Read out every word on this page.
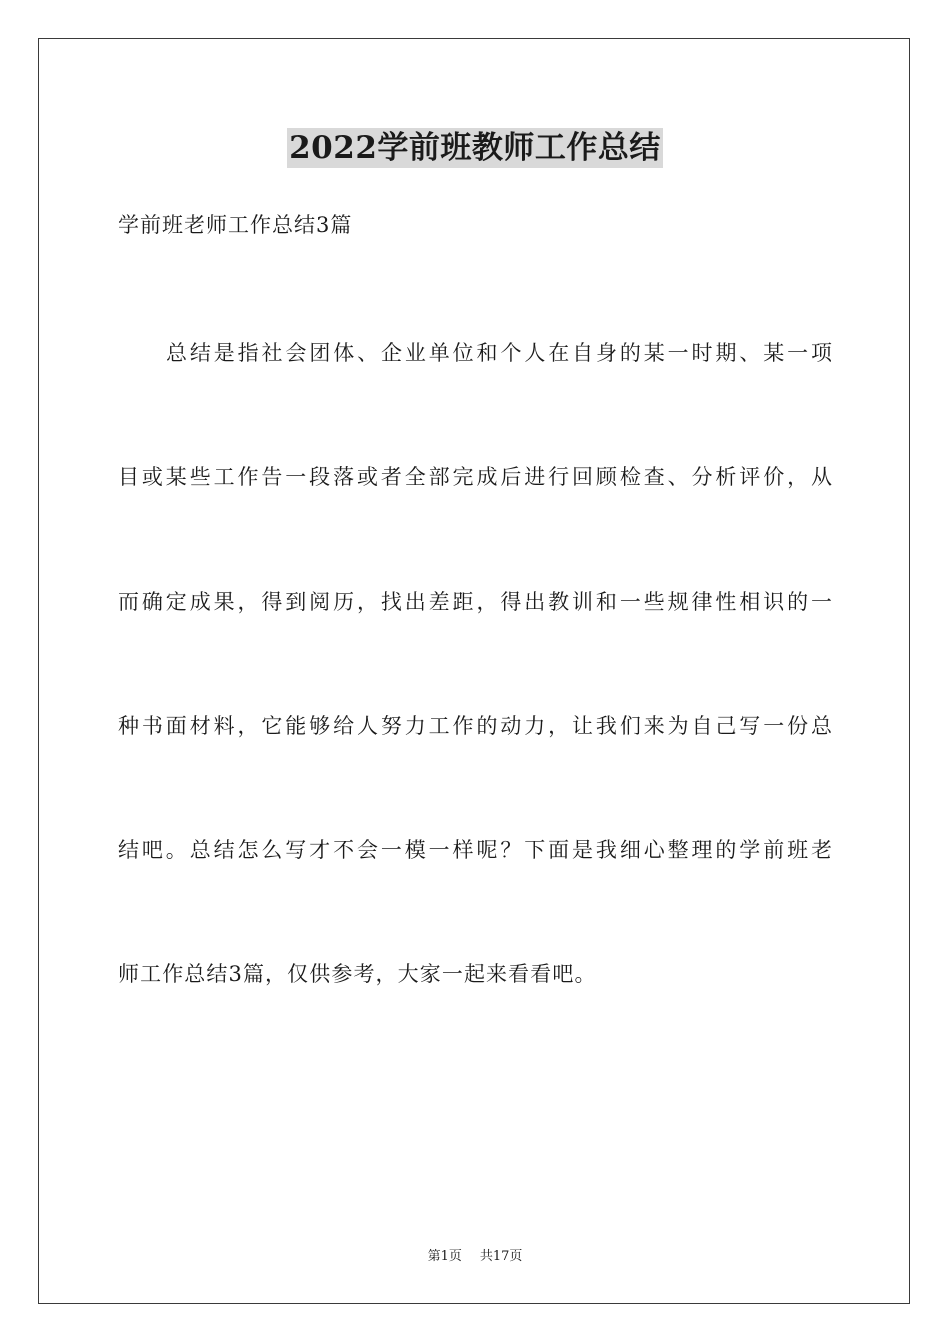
2022学前班教师工作总结
学前班老师工作总结3篇
总结是指社会团体、企业单位和个人在自身的某一时期、某一项
目或某些工作告一段落或者全部完成后进行回顾检查、分析评价，从
而确定成果，得到阅历，找出差距，得出教训和一些规律性相识的一
种书面材料，它能够给人努力工作的动力，让我们来为自己写一份总
结吧。总结怎么写才不会一模一样呢？下面是我细心整理的学前班老
师工作总结3篇，仅供参考，大家一起来看看吧。
第1页 共17页
